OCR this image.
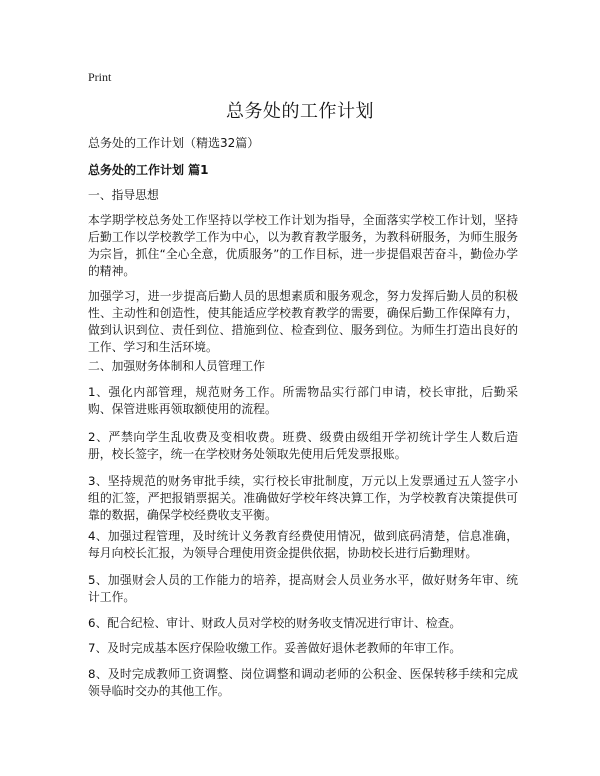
Print
总务处的工作计划

总务处的工作计划（精选32篇）

总务处的工作计划 篇1

一、指导思想

本学期学校总务处工作坚持以学校工作计划为指导，全面落实学校工作计划，坚持后勤工作以学校教学工作为中心，以为教育教学服务，为教科研服务，为师生服务为宗旨，抓住“全心全意，优质服务”的工作目标，进一步提倡艰苦奋斗，勤俭办学的精神。

加强学习，进一步提高后勤人员的思想素质和服务观念，努力发挥后勤人员的积极性、主动性和创造性，使其能适应学校教育教学的需要，确保后勤工作保障有力，做到认识到位、责任到位、措施到位、检查到位、服务到位。为师生打造出良好的工作、学习和生活环境。

二、加强财务体制和人员管理工作

1、强化内部管理，规范财务工作。所需物品实行部门申请，校长审批，后勤采购、保管进账再领取额使用的流程。

2、严禁向学生乱收费及变相收费。班费、级费由级组开学初统计学生人数后造册，校长签字，统一在学校财务处领取先使用后凭发票报账。

3、坚持规范的财务审批手续，实行校长审批制度，万元以上发票通过五人签字小组的汇签，严把报销票据关。准确做好学校年终决算工作，为学校教育决策提供可靠的数据，确保学校经费收支平衡。

4、加强过程管理，及时统计义务教育经费使用情况，做到底码清楚，信息准确，每月向校长汇报，为领导合理使用资金提供依据，协助校长进行后勤理财。

5、加强财会人员的工作能力的培养，提高财会人员业务水平，做好财务年审、统计工作。

6、配合纪检、审计、财政人员对学校的财务收支情况进行审计、检查。

7、及时完成基本医疗保险收缴工作。妥善做好退休老教师的年审工作。

8、及时完成教师工资调整、岗位调整和调动老师的公积金、医保转移手续和完成领导临时交办的其他工作。
